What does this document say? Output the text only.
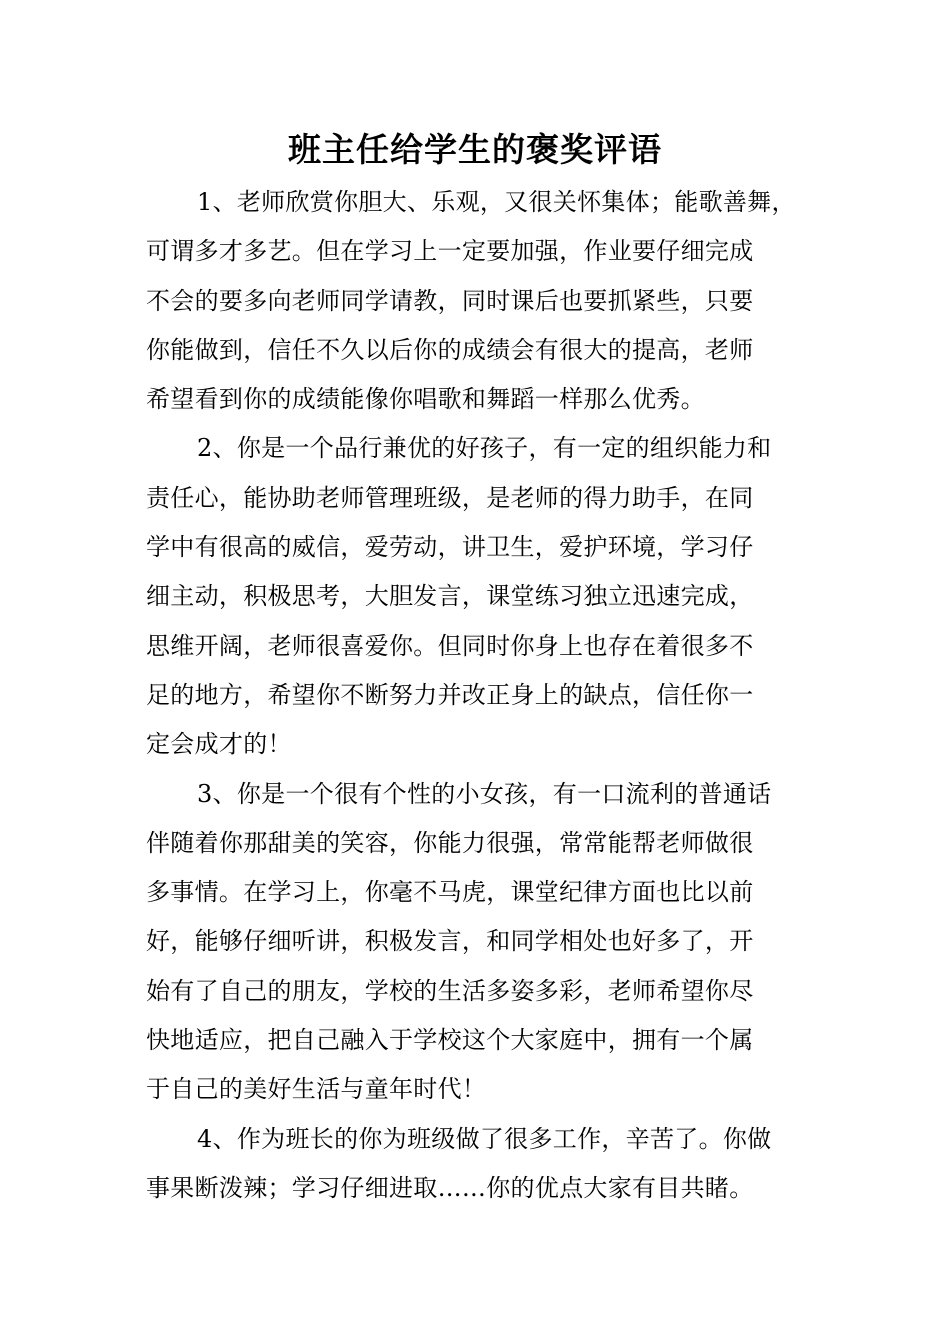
班主任给学生的褒奖评语
1、老师欣赏你胆大、乐观，又很关怀集体；能歌善舞，
可谓多才多艺。但在学习上一定要加强，作业要仔细完成
不会的要多向老师同学请教，同时课后也要抓紧些，只要
你能做到，信任不久以后你的成绩会有很大的提高，老师
希望看到你的成绩能像你唱歌和舞蹈一样那么优秀。
2、你是一个品行兼优的好孩子，有一定的组织能力和
责任心，能协助老师管理班级，是老师的得力助手，在同
学中有很高的威信，爱劳动，讲卫生，爱护环境，学习仔
细主动，积极思考，大胆发言，课堂练习独立迅速完成，
思维开阔，老师很喜爱你。但同时你身上也存在着很多不
足的地方，希望你不断努力并改正身上的缺点，信任你一
定会成才的！
3、你是一个很有个性的小女孩，有一口流利的普通话
伴随着你那甜美的笑容，你能力很强，常常能帮老师做很
多事情。在学习上，你毫不马虎，课堂纪律方面也比以前
好，能够仔细听讲，积极发言，和同学相处也好多了，开
始有了自己的朋友，学校的生活多姿多彩，老师希望你尽
快地适应，把自己融入于学校这个大家庭中，拥有一个属
于自己的美好生活与童年时代！
4、作为班长的你为班级做了很多工作，辛苦了。你做
事果断泼辣；学习仔细进取……你的优点大家有目共睹。
